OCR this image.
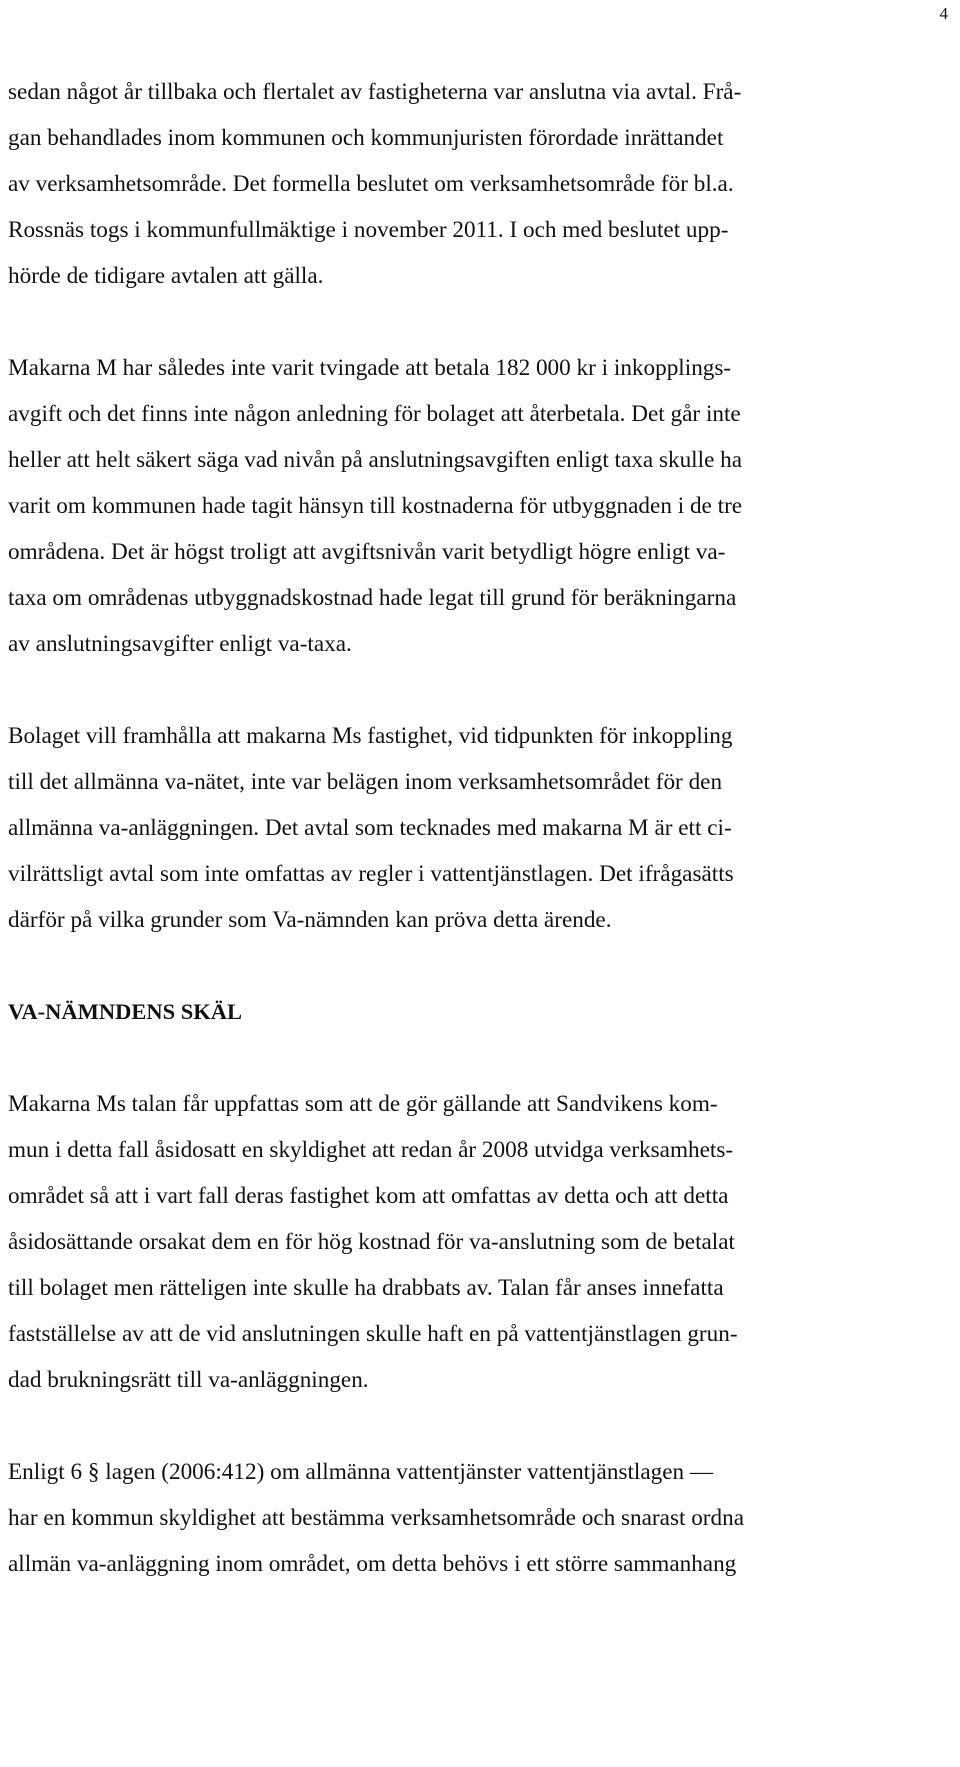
4
sedan något år tillbaka och flertalet av fastigheterna var anslutna via avtal. Frå-
gan behandlades inom kommunen och kommunjuristen förordade inrättandet
av verksamhetsområde. Det formella beslutet om verksamhetsområde för bl.a.
Rossnäs togs i kommunfullmäktige i november 2011. I och med beslutet upp-
hörde de tidigare avtalen att gälla.
Makarna M har således inte varit tvingade att betala 182 000 kr i inkopplings-
avgift och det finns inte någon anledning för bolaget att återbetala. Det går inte
heller att helt säkert säga vad nivån på anslutningsavgiften enligt taxa skulle ha
varit om kommunen hade tagit hänsyn till kostnaderna för utbyggnaden i de tre
områdena. Det är högst troligt att avgiftsnivån varit betydligt högre enligt va-
taxa om områdenas utbyggnadskostnad hade legat till grund för beräkningarna
av anslutningsavgifter enligt va-taxa.
Bolaget vill framhålla att makarna Ms fastighet, vid tidpunkten för inkoppling
till det allmänna va-nätet, inte var belägen inom verksamhetsområdet för den
allmänna va-anläggningen. Det avtal som tecknades med makarna M är ett ci-
vilrättsligt avtal som inte omfattas av regler i vattentjänstlagen. Det ifrågasätts
därför på vilka grunder som Va-nämnden kan pröva detta ärende.
VA-NÄMNDENS SKÄL
Makarna Ms talan får uppfattas som att de gör gällande att Sandvikens kom-
mun i detta fall åsidosatt en skyldighet att redan år 2008 utvidga verksamhets-
området så att i vart fall deras fastighet kom att omfattas av detta och att detta
åsidosättande orsakat dem en för hög kostnad för va-anslutning som de betalat
till bolaget men rätteligen inte skulle ha drabbats av. Talan får anses innefatta
fastställelse av att de vid anslutningen skulle haft en på vattentjänstlagen grun-
dad brukningsrätt till va-anläggningen.
Enligt 6 § lagen (2006:412) om allmänna vattentjänster vattentjänstlagen —
har en kommun skyldighet att bestämma verksamhetsområde och snarast ordna
allmän va-anläggning inom området, om detta behövs i ett större sammanhang
